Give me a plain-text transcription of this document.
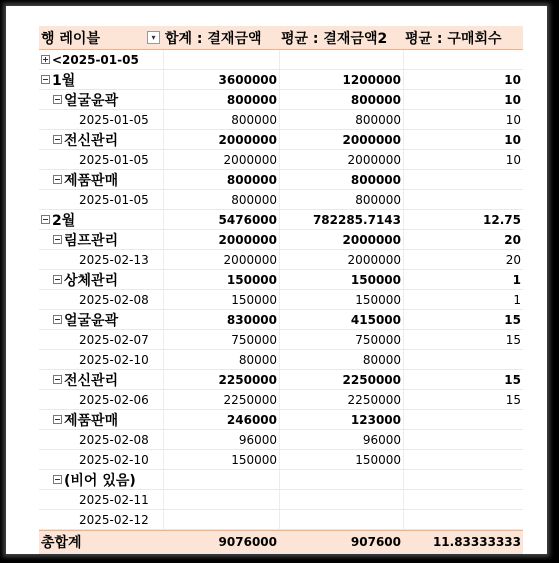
행 레이블	▾ 합계 : 결재금액	평균 : 결재금액2	평균 : 구매회수
<2025-01-05
1월	3600000	1200000	10
얼굴윤곽	800000	800000	10
2025-01-05	800000	800000	10
전신관리	2000000	2000000	10
2025-01-05	2000000	2000000	10
제품판매	800000	800000
2025-01-05	800000	800000
2월	5476000	782285.7143	12.75
림프관리	2000000	2000000	20
2025-02-13	2000000	2000000	20
상체관리	150000	150000	1
2025-02-08	150000	150000	1
얼굴윤곽	830000	415000	15
2025-02-07	750000	750000	15
2025-02-10	80000	80000
전신관리	2250000	2250000	15
2025-02-06	2250000	2250000	15
제품판매	246000	123000
2025-02-08	96000	96000
2025-02-10	150000	150000
(비어 있음)
2025-02-11
2025-02-12
총합계	9076000	907600	11.83333333
